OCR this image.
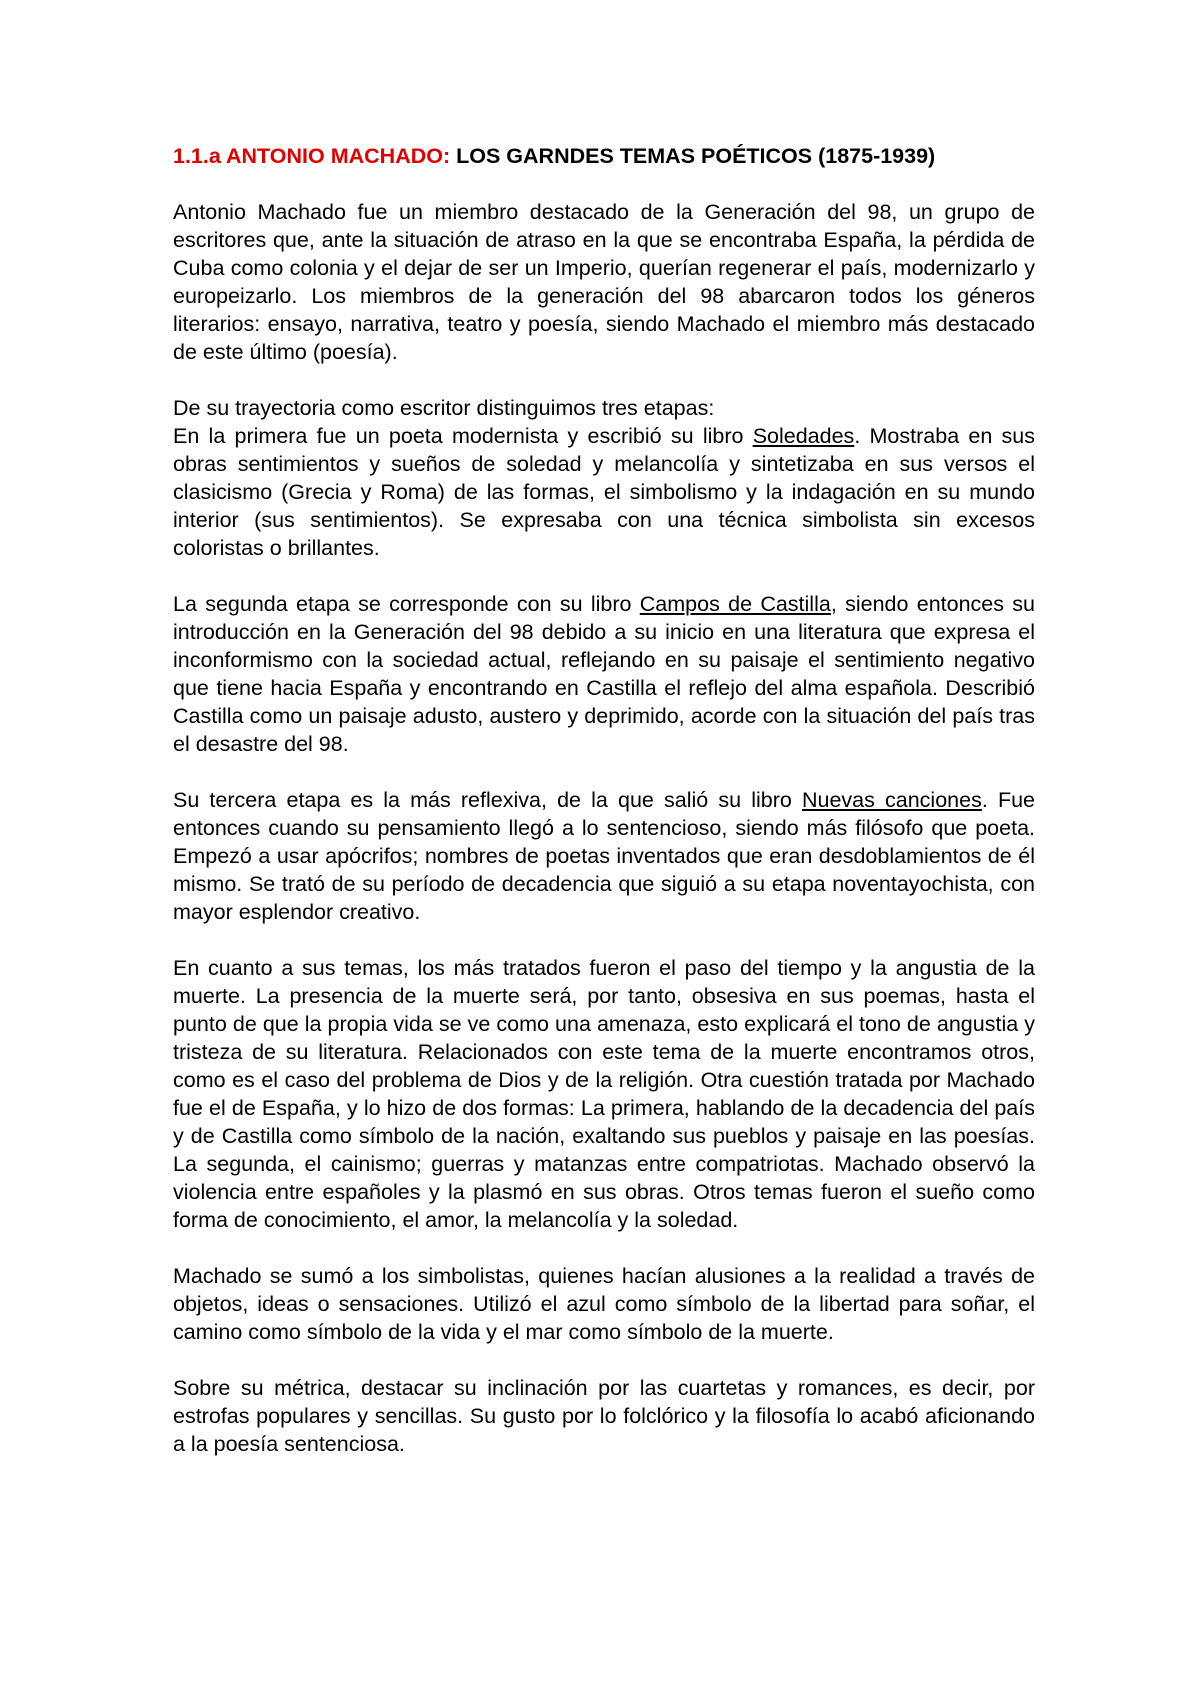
1.1.a ANTONIO MACHADO: LOS GARNDES TEMAS POÉTICOS (1875-1939)

Antonio Machado fue un miembro destacado de la Generación del 98, un grupo de escritores que, ante la situación de atraso en la que se encontraba España, la pérdida de Cuba como colonia y el dejar de ser un Imperio, querían regenerar el país, modernizarlo y europeizarlo. Los miembros de la generación del 98 abarcaron todos los géneros literarios: ensayo, narrativa, teatro y poesía, siendo Machado el miembro más destacado de este último (poesía).

De su trayectoria como escritor distinguimos tres etapas:

En la primera fue un poeta modernista y escribió su libro Soledades. Mostraba en sus obras sentimientos y sueños de soledad y melancolía y sintetizaba en sus versos el clasicismo (Grecia y Roma) de las formas, el simbolismo y la indagación en su mundo interior (sus sentimientos). Se expresaba con una técnica simbolista sin excesos coloristas o brillantes.

La segunda etapa se corresponde con su libro Campos de Castilla, siendo entonces su introducción en la Generación del 98 debido a su inicio en una literatura que expresa el inconformismo con la sociedad actual, reflejando en su paisaje el sentimiento negativo que tiene hacia España y encontrando en Castilla el reflejo del alma española. Describió Castilla como un paisaje adusto, austero y deprimido, acorde con la situación del país tras el desastre del 98.

Su tercera etapa es la más reflexiva, de la que salió su libro Nuevas canciones. Fue entonces cuando su pensamiento llegó a lo sentencioso, siendo más filósofo que poeta. Empezó a usar apócrifos; nombres de poetas inventados que eran desdoblamientos de él mismo. Se trató de su período de decadencia que siguió a su etapa noventayochista, con mayor esplendor creativo.

En cuanto a sus temas, los más tratados fueron el paso del tiempo y la angustia de la muerte. La presencia de la muerte será, por tanto, obsesiva en sus poemas, hasta el punto de que la propia vida se ve como una amenaza, esto explicará el tono de angustia y tristeza de su literatura. Relacionados con este tema de la muerte encontramos otros, como es el caso del problema de Dios y de la religión. Otra cuestión tratada por Machado fue el de España, y lo hizo de dos formas: La primera, hablando de la decadencia del país y de Castilla como símbolo de la nación, exaltando sus pueblos y paisaje en las poesías. La segunda, el cainismo; guerras y matanzas entre compatriotas. Machado observó la violencia entre españoles y la plasmó en sus obras. Otros temas fueron el sueño como forma de conocimiento, el amor, la melancolía y la soledad.

Machado se sumó a los simbolistas, quienes hacían alusiones a la realidad a través de objetos, ideas o sensaciones. Utilizó el azul como símbolo de la libertad para soñar, el camino como símbolo de la vida y el mar como símbolo de la muerte.

Sobre su métrica, destacar su inclinación por las cuartetas y romances, es decir, por estrofas populares y sencillas. Su gusto por lo folclórico y la filosofía lo acabó aficionando a la poesía sentenciosa.
